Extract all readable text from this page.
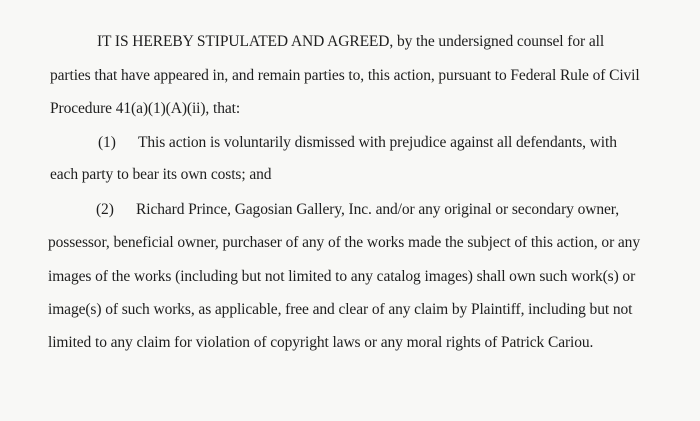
IT IS HEREBY STIPULATED AND AGREED, by the undersigned counsel for all
parties that have appeared in, and remain parties to, this action, pursuant to Federal Rule of Civil
Procedure 41(a)(1)(A)(ii), that:
(1) This action is voluntarily dismissed with prejudice against all defendants, with
each party to bear its own costs; and
(2) Richard Prince, Gagosian Gallery, Inc. and/or any original or secondary owner,
possessor, beneficial owner, purchaser of any of the works made the subject of this action, or any
images of the works (including but not limited to any catalog images) shall own such work(s) or
image(s) of such works, as applicable, free and clear of any claim by Plaintiff, including but not
limited to any claim for violation of copyright laws or any moral rights of Patrick Cariou.
